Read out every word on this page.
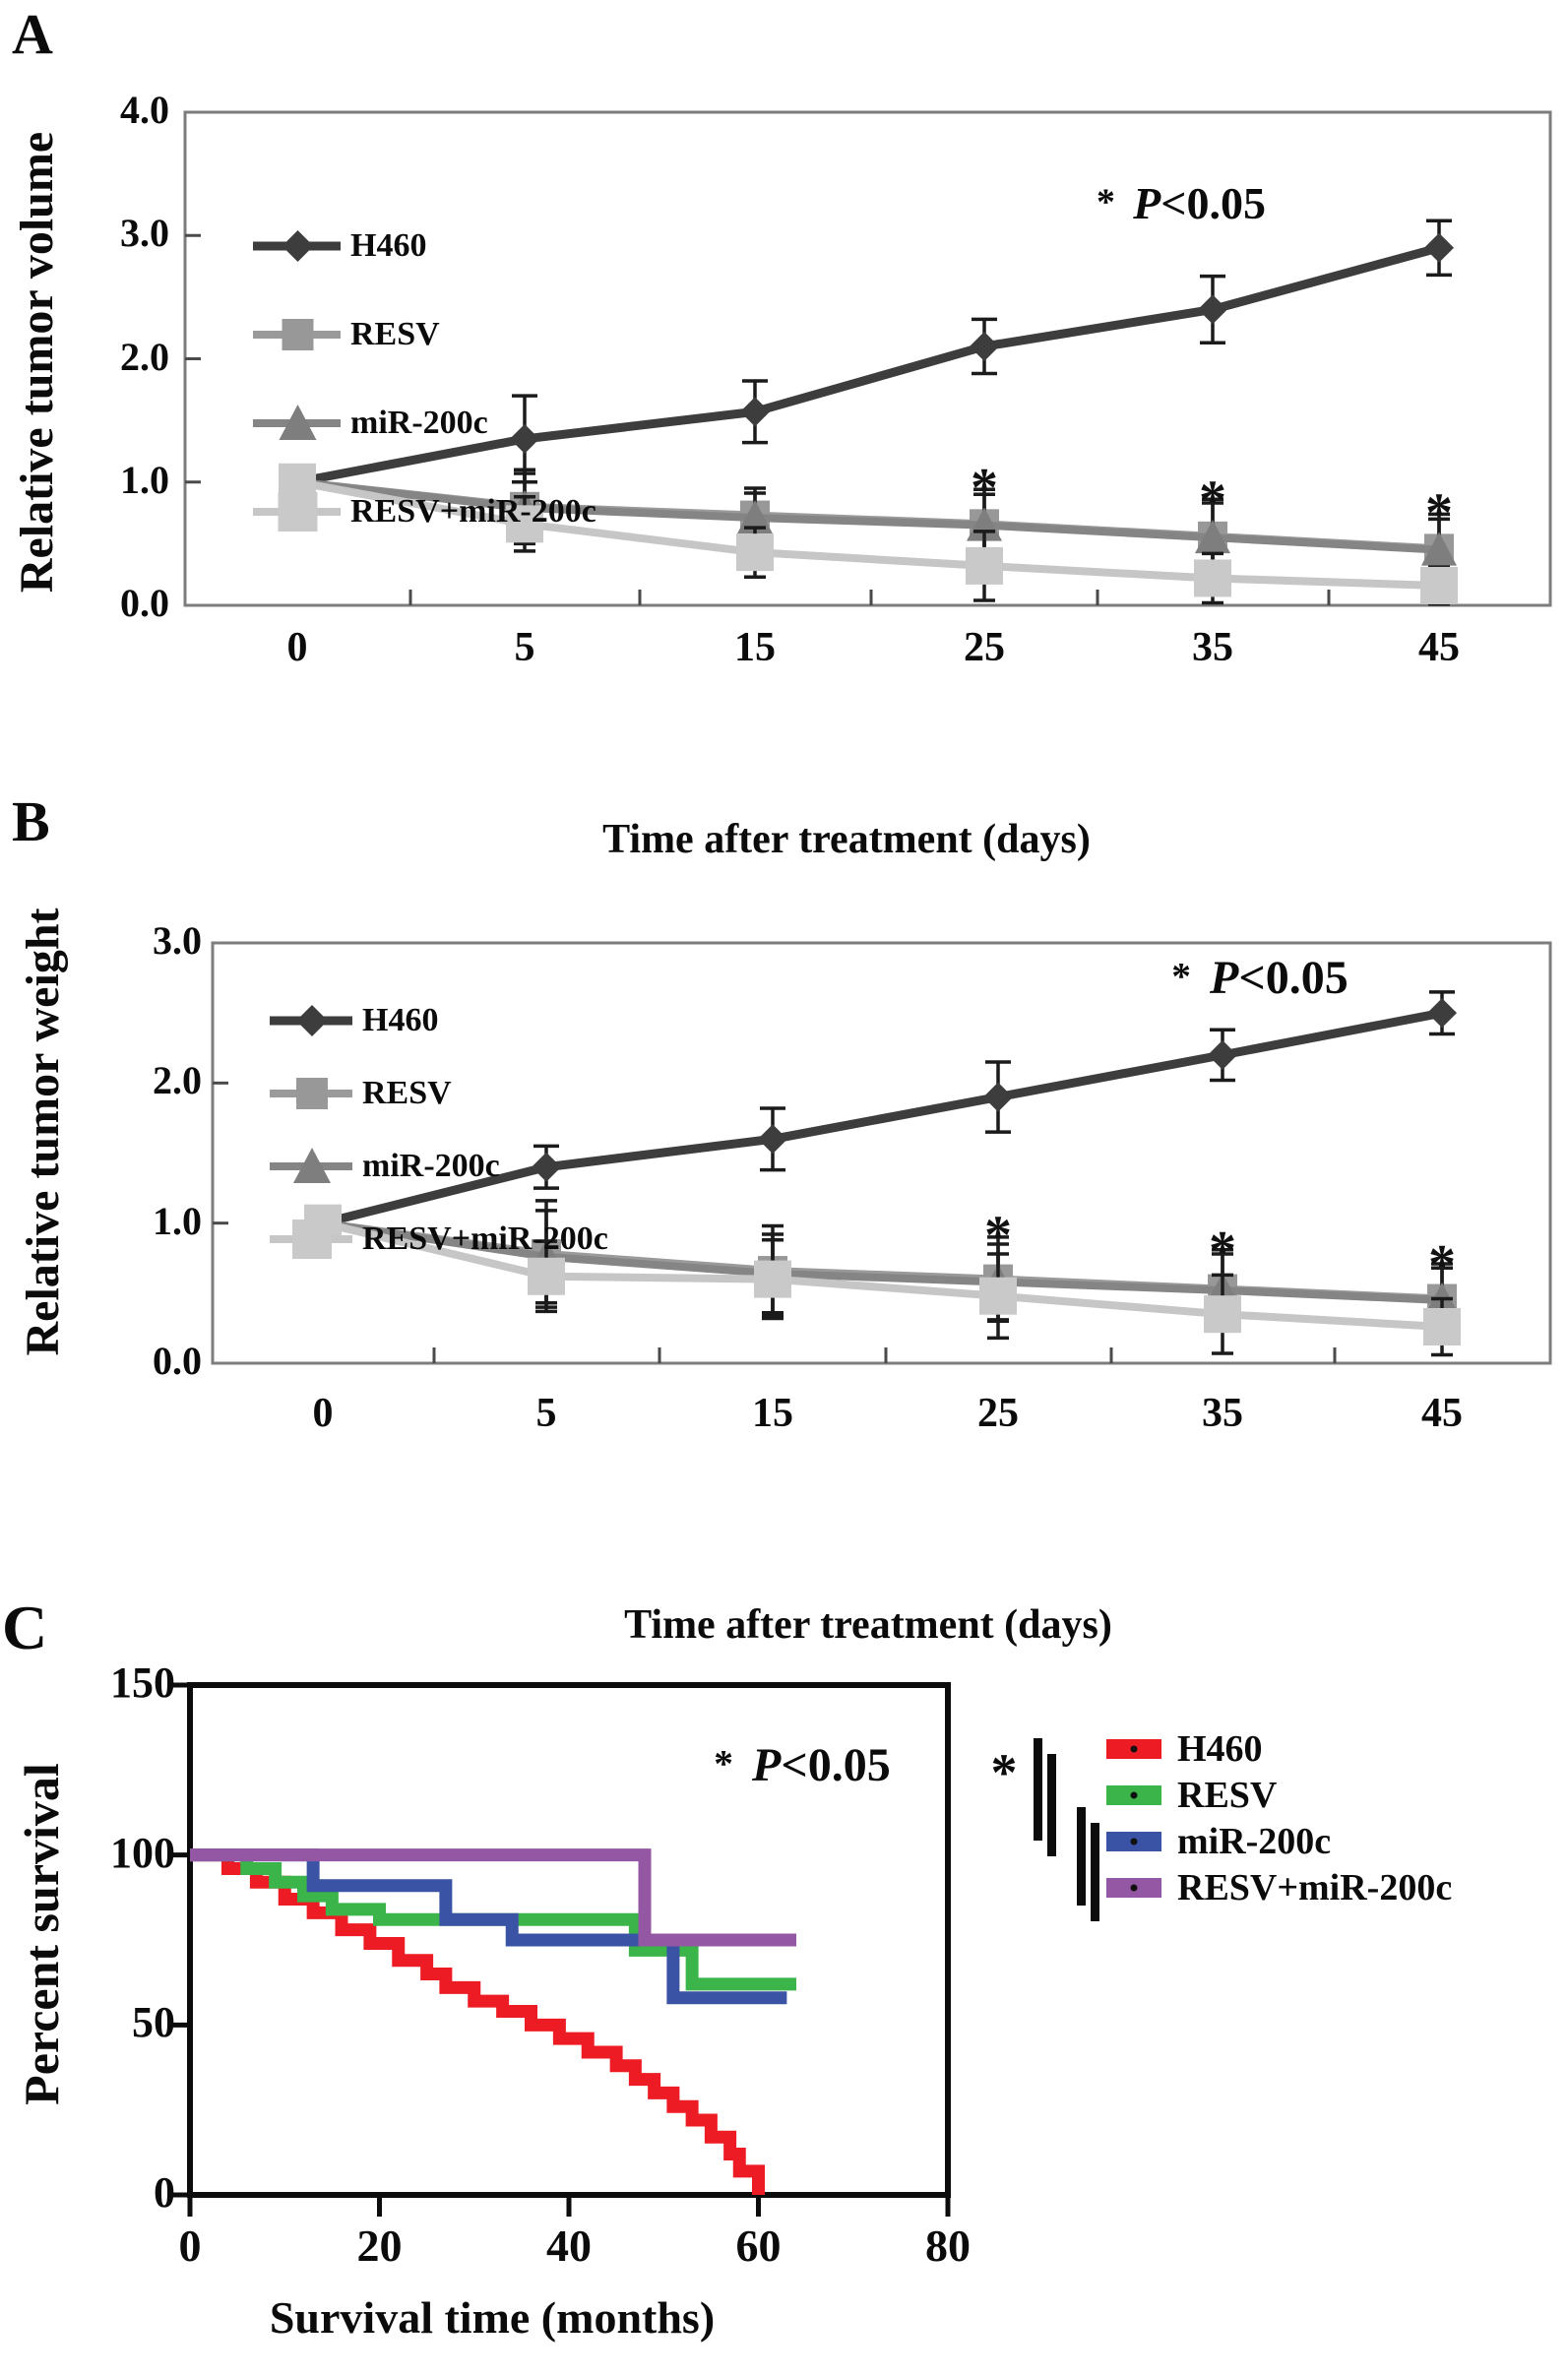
*	*	*
*	*	*
A
B
C
Relative tumor volume
Relative tumor weight
Percent survival
Time after treatment (days)
Time after treatment (days)
Survival time (months)
* P<0.05
* P<0.05
* P<0.05
H460
RESV
miR-200c
RESV+miR-200c
H460
RESV
miR-200c
RESV+miR-200c
*	H460
RESV
miR-200c
RESV+miR-200c
4.0
3.0
2.0
1.0
0.0
0	5	15	25	35	45
3.0
2.0
1.0
0.0
0	5	15	25	35	45
150
100
50
0
0	20	40	60	80
